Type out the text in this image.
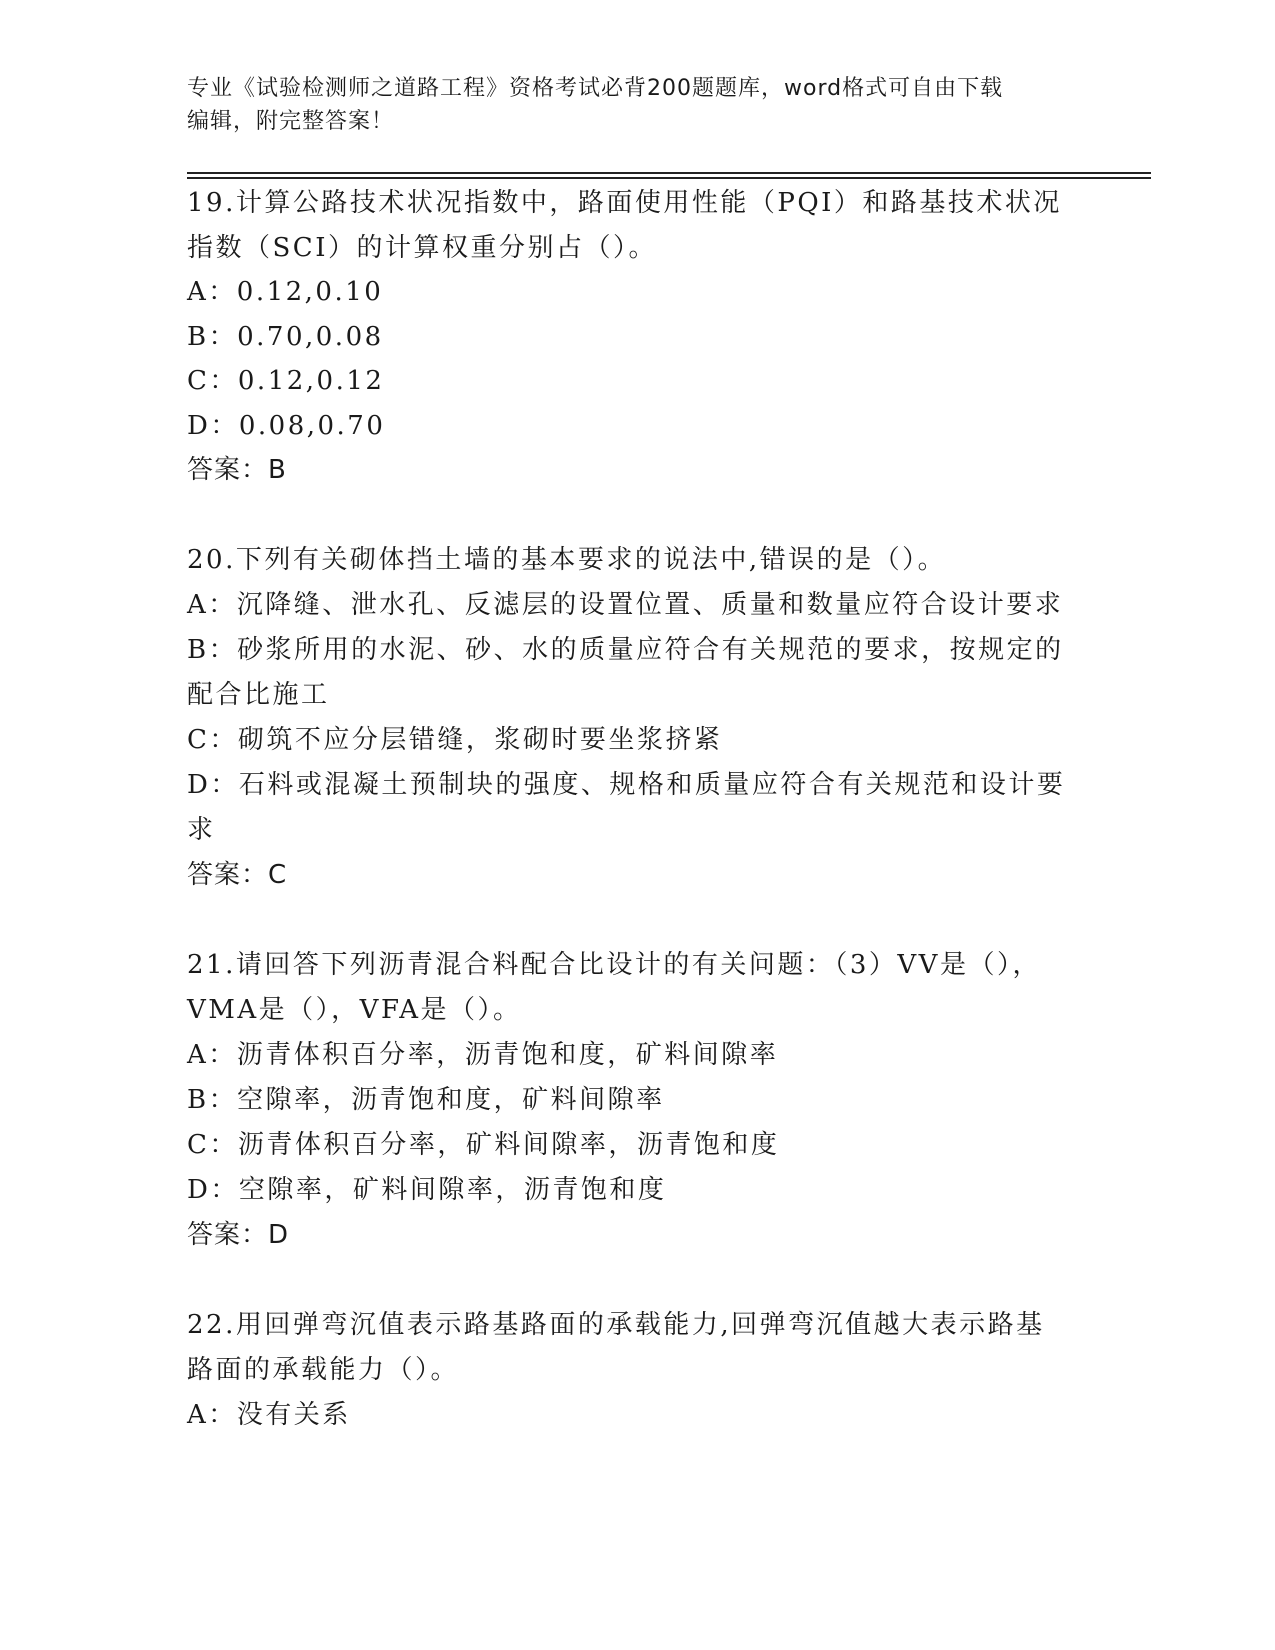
专业《试验检测师之道路工程》资格考试必背200题题库，word格式可自由下载
编辑，附完整答案！
19.计算公路技术状况指数中，路面使用性能（PQI）和路基技术状况
指数（SCI）的计算权重分别占（）。
A：0.12,0.10
B：0.70,0.08
C：0.12,0.12
D：0.08,0.70
答案：B
20.下列有关砌体挡土墙的基本要求的说法中,错误的是（）。
A：沉降缝、泄水孔、反滤层的设置位置、质量和数量应符合设计要求
B：砂浆所用的水泥、砂、水的质量应符合有关规范的要求，按规定的
配合比施工
C：砌筑不应分层错缝，浆砌时要坐浆挤紧
D：石料或混凝土预制块的强度、规格和质量应符合有关规范和设计要
求
答案：C
21.请回答下列沥青混合料配合比设计的有关问题：（3）VV是（），
VMA是（），VFA是（）。
A：沥青体积百分率，沥青饱和度，矿料间隙率
B：空隙率，沥青饱和度，矿料间隙率
C：沥青体积百分率，矿料间隙率，沥青饱和度
D：空隙率，矿料间隙率，沥青饱和度
答案：D
22.用回弹弯沉值表示路基路面的承载能力,回弹弯沉值越大表示路基
路面的承载能力（）。
A：没有关系
